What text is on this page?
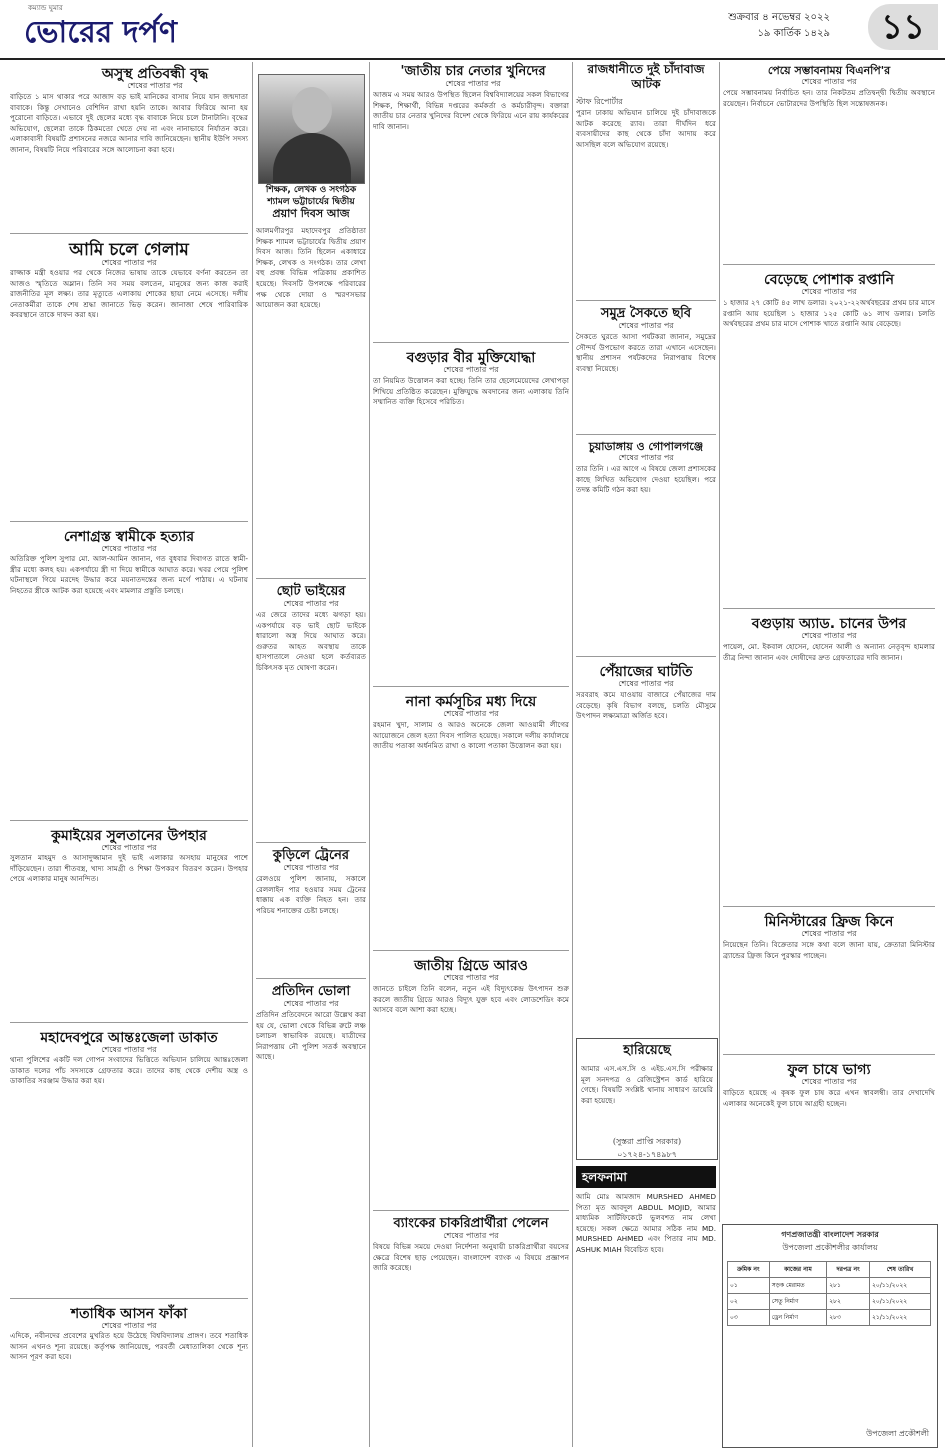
কম্যান্ড ঘুমার
ভোরের দর্পণ	শুক্রবার ৪ নভেম্বর ২০২২
১৯ কার্তিক ১৪২৯	১১
অসুস্থ প্রতিবন্ধী বৃদ্ধ
শেষের পাতার পর
বাড়িতে ১ মাস থাকার পরে আজাদ বড় ভাই মানিকের বাসায় নিয়ে যান জন্মদাতা বাবাকে। কিন্তু সেখানেও বেশিদিন রাখা হয়নি তাকে। আবার ফিরিয়ে আনা হয় পুরোনো বাড়িতে। এভাবে দুই ছেলের মধ্যে বৃদ্ধ বাবাকে নিয়ে চলে টানাটানি। বৃদ্ধের অভিযোগ, ছেলেরা তাকে ঠিকমতো খেতে দেয় না এবং নানাভাবে নির্যাতন করে। এলাকাবাসী বিষয়টি প্রশাসনের নজরে আনার দাবি জানিয়েছেন। স্থানীয় ইউপি সদস্য জানান, বিষয়টি নিয়ে পরিবারের সঙ্গে আলোচনা করা হবে।
আমি চলে গেলাম
শেষের পাতার পর
রাজ্জাক মন্ত্রী হওয়ার পর থেকে নিজের ভাষায় তাকে যেভাবে বর্ণনা করতেন তা আজও স্মৃতিতে অম্লান। তিনি সব সময় বলতেন, মানুষের জন্য কাজ করাই রাজনীতির মূল লক্ষ্য। তার মৃত্যুতে এলাকায় শোকের ছায়া নেমে এসেছে। দলীয় নেতাকর্মীরা তাকে শেষ শ্রদ্ধা জানাতে ভিড় করেন। জানাজা শেষে পারিবারিক কবরস্থানে তাকে দাফন করা হয়।
নেশাগ্রস্ত স্বামীকে হত্যার
শেষের পাতার পর
অতিরিক্ত পুলিশ সুপার মো. আল-আমিন জানান, গত বুধবার দিবাগত রাতে স্বামী-স্ত্রীর মধ্যে কলহ হয়। একপর্যায়ে স্ত্রী দা দিয়ে স্বামীকে আঘাত করে। খবর পেয়ে পুলিশ ঘটনাস্থলে গিয়ে মরদেহ উদ্ধার করে ময়নাতদন্তের জন্য মর্গে পাঠায়। এ ঘটনায় নিহতের স্ত্রীকে আটক করা হয়েছে এবং মামলার প্রস্তুতি চলছে।
কুমাইয়ের সুলতানের উপহার
শেষের পাতার পর
সুলতান মাহমুদ ও আসাদুজ্জামান দুই ভাই এলাকার অসহায় মানুষের পাশে দাঁড়িয়েছেন। তারা শীতবস্ত্র, খাদ্য সামগ্রী ও শিক্ষা উপকরণ বিতরণ করেন। উপহার পেয়ে এলাকার মানুষ আনন্দিত।
মহাদেবপুরে আন্তঃজেলা ডাকাত
শেষের পাতার পর
থানা পুলিশের একটি দল গোপন সংবাদের ভিত্তিতে অভিযান চালিয়ে আন্তঃজেলা ডাকাত দলের পাঁচ সদস্যকে গ্রেফতার করে। তাদের কাছ থেকে দেশীয় অস্ত্র ও ডাকাতির সরঞ্জাম উদ্ধার করা হয়।
শতাধিক আসন ফাঁকা
শেষের পাতার পর
এদিকে, নবীনদের প্রবেশের মুখরিত হয়ে উঠেছে বিশ্ববিদ্যালয় প্রাঙ্গণ। তবে শতাধিক আসন এখনও শূন্য রয়েছে। কর্তৃপক্ষ জানিয়েছে, পরবর্তী মেধাতালিকা থেকে শূন্য আসন পূরণ করা হবে।
শিক্ষক, লেখক ও সংগঠক
শ্যামল ভট্টাচার্যের দ্বিতীয়
প্রয়াণ দিবস আজ
আলমগীরপুর মহাদেবপুর প্রতিষ্ঠাতা শিক্ষক শ্যামল ভট্টাচার্যের দ্বিতীয় প্রয়াণ দিবস আজ। তিনি ছিলেন একাধারে শিক্ষক, লেখক ও সংগঠক। তার লেখা বহু প্রবন্ধ বিভিন্ন পত্রিকায় প্রকাশিত হয়েছে। দিবসটি উপলক্ষে পরিবারের পক্ষ থেকে দোয়া ও স্মরণসভার আয়োজন করা হয়েছে।
ছোট ভাইয়ের
শেষের পাতার পর
এর জেরে তাদের মধ্যে ঝগড়া হয়। একপর্যায়ে বড় ভাই ছোট ভাইকে ধারালো অস্ত্র দিয়ে আঘাত করে। গুরুতর আহত অবস্থায় তাকে হাসপাতালে নেওয়া হলে কর্তব্যরত চিকিৎসক মৃত ঘোষণা করেন।
কুড়িলে ট্রেনের
শেষের পাতার পর
রেলওয়ে পুলিশ জানায়, সকালে রেললাইন পার হওয়ার সময় ট্রেনের ধাক্কায় এক ব্যক্তি নিহত হন। তার পরিচয় শনাক্তের চেষ্টা চলছে।
প্রতিদিন ভোলা
শেষের পাতার পর
প্রতিদিন প্রতিবেদনে আরো উল্লেখ করা হয় যে, ভোলা থেকে বিভিন্ন রুটে লঞ্চ চলাচল স্বাভাবিক রয়েছে। যাত্রীদের নিরাপত্তায় নৌ পুলিশ সতর্ক অবস্থানে আছে।
'জাতীয় চার নেতার খুনিদের
শেষের পাতার পর
আজম এ সময় আরও উপস্থিত ছিলেন বিশ্ববিদ্যালয়ের সকল বিভাগের শিক্ষক, শিক্ষার্থী, বিভিন্ন দপ্তরের কর্মকর্তা ও কর্মচারীবৃন্দ। বক্তারা জাতীয় চার নেতার খুনিদের বিদেশ থেকে ফিরিয়ে এনে রায় কার্যকরের দাবি জানান।
বগুড়ার বীর মুক্তিযোদ্ধা
শেষের পাতার পর
তা নিয়মিত উত্তোলন করা হচ্ছে। তিনি তার ছেলেমেয়েদের লেখাপড়া শিখিয়ে প্রতিষ্ঠিত করেছেন। মুক্তিযুদ্ধে অবদানের জন্য এলাকায় তিনি সম্মানিত ব্যক্তি হিসেবে পরিচিত।
নানা কর্মসূচির মধ্য দিয়ে
শেষের পাতার পর
রহমান খুদা, সালাম ও আরও অনেকে জেলা আওয়ামী লীগের আয়োজনে জেল হত্যা দিবস পালিত হয়েছে। সকালে দলীয় কার্যালয়ে জাতীয় পতাকা অর্ধনমিত রাখা ও কালো পতাকা উত্তোলন করা হয়।
জাতীয় গ্রিডে আরও
শেষের পাতার পর
জানতে চাইলে তিনি বলেন, নতুন এই বিদ্যুৎকেন্দ্র উৎপাদন শুরু করলে জাতীয় গ্রিডে আরও বিদ্যুৎ যুক্ত হবে এবং লোডশেডিং কমে আসবে বলে আশা করা হচ্ছে।
ব্যাংকের চাকরিপ্রার্থীরা পেলেন
শেষের পাতার পর
বিষয়ে বিভিন্ন সময়ে দেওয়া নির্দেশনা অনুযায়ী চাকরিপ্রার্থীরা বয়সের ক্ষেত্রে বিশেষ ছাড় পেয়েছেন। বাংলাদেশ ব্যাংক এ বিষয়ে প্রজ্ঞাপন জারি করেছে।
রাজধানীতে দুই চাঁদাবাজ আটক
স্টাফ রিপোর্টার
পুরান ঢাকায় অভিযান চালিয়ে দুই চাঁদাবাজকে আটক করেছে র‍্যাব। তারা দীর্ঘদিন ধরে ব্যবসায়ীদের কাছ থেকে চাঁদা আদায় করে আসছিল বলে অভিযোগ রয়েছে।
সমুদ্র সৈকতে ছবি
শেষের পাতার পর
সৈকতে ঘুরতে আসা পর্যটকরা জানান, সমুদ্রের সৌন্দর্য উপভোগ করতে তারা এখানে এসেছেন। স্থানীয় প্রশাসন পর্যটকদের নিরাপত্তায় বিশেষ ব্যবস্থা নিয়েছে।
চুয়াডাঙ্গায় ও গোপালগঞ্জে
শেষের পাতার পর
তার তিনি । এর আগে এ বিষয়ে জেলা প্রশাসকের কাছে লিখিত অভিযোগ দেওয়া হয়েছিল। পরে তদন্ত কমিটি গঠন করা হয়।
পেঁয়াজের ঘাটতি
শেষের পাতার পর
সরবরাহ কমে যাওয়ায় বাজারে পেঁয়াজের দাম বেড়েছে। কৃষি বিভাগ বলছে, চলতি মৌসুমে উৎপাদন লক্ষ্যমাত্রা অর্জিত হবে।
হারিয়েছে
আমার এস.এস.সি ও এইচ.এস.সি পরীক্ষার মূল সনদপত্র ও রেজিস্ট্রেশন কার্ড হারিয়ে গেছে। বিষয়টি সংশ্লিষ্ট থানায় সাধারণ ডায়েরি করা হয়েছে।
(সুস্তরা প্রাপ্তি সরকার)
০১৭২৪-১৭৪৯৮৭
হলফনামা
আমি মোঃ আমজাদ MURSHED AHMED পিতা মৃত আবদুল ABDUL MOJID, আমার মাধ্যমিক সার্টিফিকেটে ভুলবশত নাম লেখা হয়েছে। সকল ক্ষেত্রে আমার সঠিক নাম MD. MURSHED AHMED এবং পিতার নাম MD. ASHUK MIAH বিবেচিত হবে।
পেয়ে সম্ভাবনাময় বিএনপি'র
শেষের পাতার পর
পেয়ে সম্ভাবনাময় নির্বাচিত হন। তার নিকটতম প্রতিদ্বন্দ্বী দ্বিতীয় অবস্থানে রয়েছেন। নির্বাচনে ভোটারদের উপস্থিতি ছিল সন্তোষজনক।
বেড়েছে পোশাক রপ্তানি
শেষের পাতার পর
১ হাজার ২৭ কোটি ৪৫ লাখ ডলার। ২০২১-২২অর্থবছরের প্রথম চার মাসে রপ্তানি আয় হয়েছিল ১ হাজার ১২৫ কোটি ৬১ লাখ ডলার। চলতি অর্থবছরের প্রথম চার মাসে পোশাক খাতে রপ্তানি আয় বেড়েছে।
বগুড়ায় অ্যাড. চানের উপর
শেষের পাতার পর
পায়েল, মো. ইকবাল হোসেন, হোসেন আলী ও অন্যান্য নেতৃবৃন্দ হামলার তীব্র নিন্দা জানান এবং দোষীদের দ্রুত গ্রেফতারের দাবি জানান।
মিনিস্টারের ফ্রিজ কিনে
শেষের পাতার পর
নিয়েছেন তিনি। বিক্রেতার সঙ্গে কথা বলে জানা যায়, ক্রেতারা মিনিস্টার ব্র্যান্ডের ফ্রিজ কিনে পুরস্কার পাচ্ছেন।
ফুল চাষে ভাগ্য
শেষের পাতার পর
বাড়িতে হয়েছে এ কৃষক ফুল চাষ করে এখন স্বাবলম্বী। তার দেখাদেখি এলাকার অনেকেই ফুল চাষে আগ্রহী হচ্ছেন।
গণপ্রজাতন্ত্রী বাংলাদেশ সরকার
উপজেলা প্রকৌশলীর কার্যালয়
ক্রমিক নং	কাজের নাম	দরপত্র নং	শেষ তারিখ
০১	সড়ক মেরামত	২৮১	২০/১১/২০২২
০২	সেতু নির্মাণ	২৮২	২০/১১/২০২২
০৩	ড্রেন নির্মাণ	২৮৩	২১/১১/২০২২
উপজেলা প্রকৌশলী
